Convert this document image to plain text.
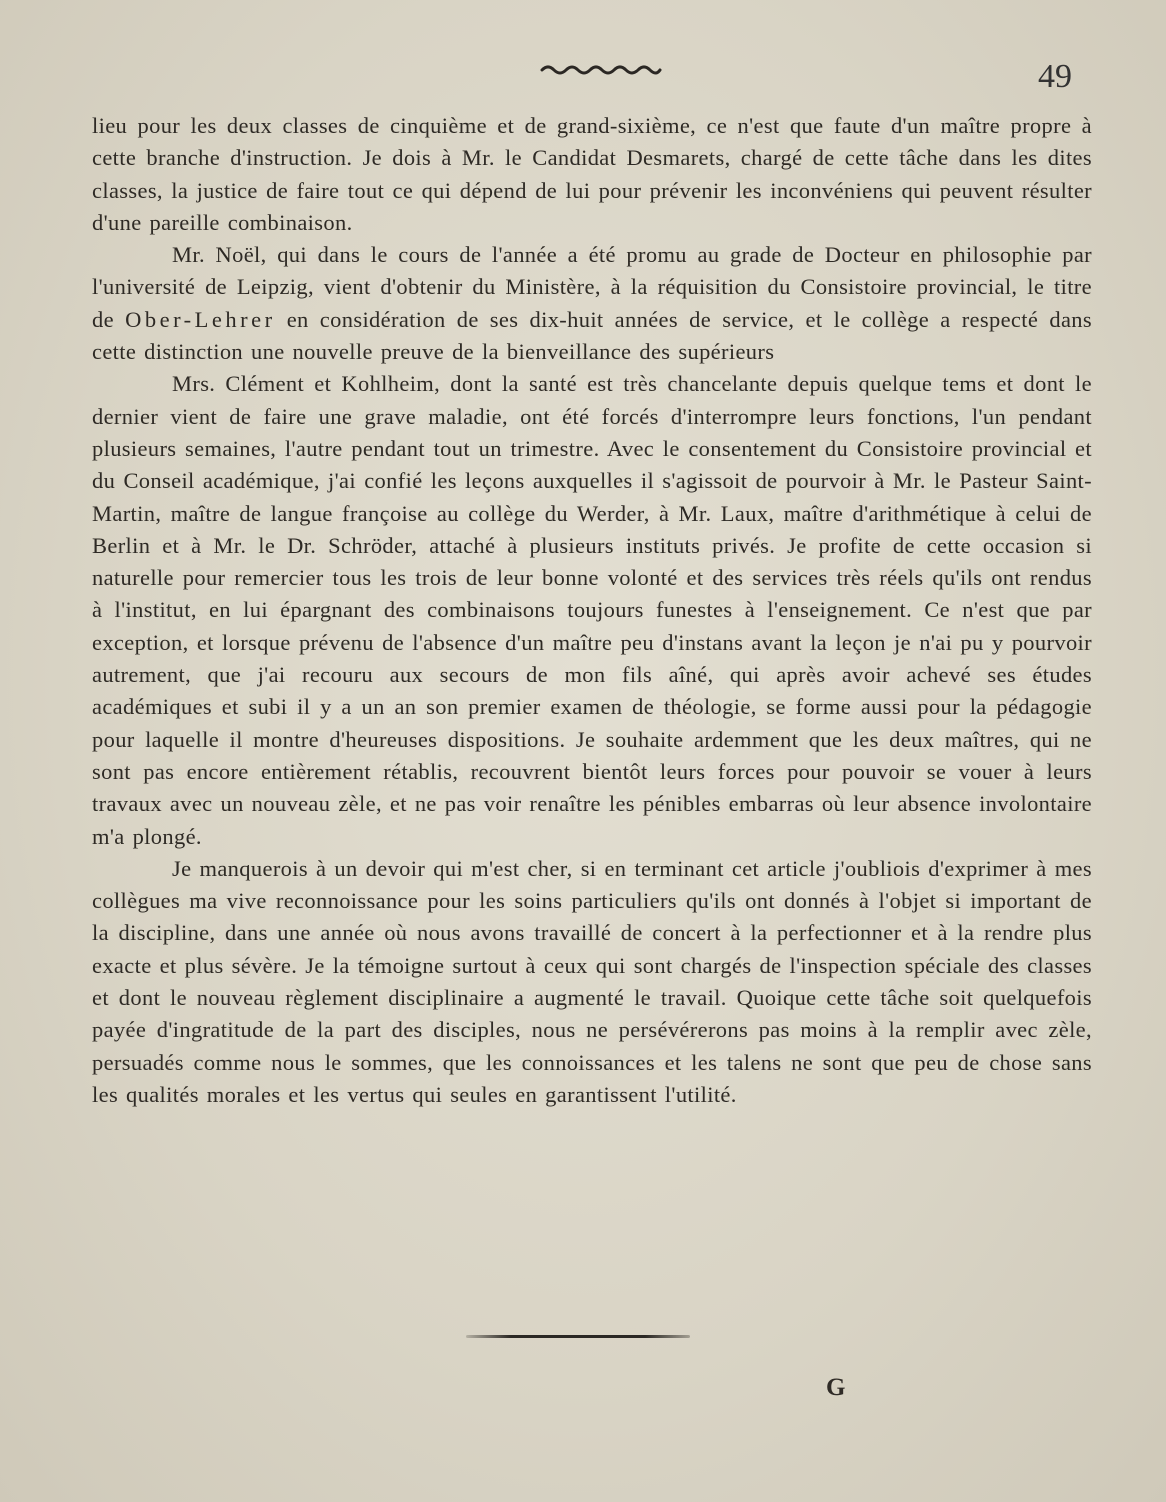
49

lieu pour les deux classes de cinquième et de grand-sixième, ce n'est que faute d'un maître propre à cette branche d'instruction. Je dois à Mr. le Candidat Desmarets, chargé de cette tâche dans les dites classes, la justice de faire tout ce qui dépend de lui pour prévenir les inconvéniens qui peuvent résulter d'une pareille combinaison.

Mr. Noël, qui dans le cours de l'année a été promu au grade de Docteur en philosophie par l'université de Leipzig, vient d'obtenir du Ministère, à la réquisition du Consistoire provincial, le titre de Ober-Lehrer en considération de ses dix-huit années de service, et le collège a respecté dans cette distinction une nouvelle preuve de la bienveillance des supérieurs

Mrs. Clément et Kohlheim, dont la santé est très chancelante depuis quelque tems et dont le dernier vient de faire une grave maladie, ont été forcés d'interrompre leurs fonctions, l'un pendant plusieurs semaines, l'autre pendant tout un trimestre. Avec le consentement du Consistoire provincial et du Conseil académique, j'ai confié les leçons auxquelles il s'agissoit de pourvoir à Mr. le Pasteur Saint-Martin, maître de langue françoise au collège du Werder, à Mr. Laux, maître d'arithmétique à celui de Berlin et à Mr. le Dr. Schröder, attaché à plusieurs instituts privés. Je profite de cette occasion si naturelle pour remercier tous les trois de leur bonne volonté et des services très réels qu'ils ont rendus à l'institut, en lui épargnant des combinaisons toujours funestes à l'enseignement. Ce n'est que par exception, et lorsque prévenu de l'absence d'un maître peu d'instans avant la leçon je n'ai pu y pourvoir autrement, que j'ai recouru aux secours de mon fils aîné, qui après avoir achevé ses études académiques et subi il y a un an son premier examen de théologie, se forme aussi pour la pédagogie pour laquelle il montre d'heureuses dispositions. Je souhaite ardemment que les deux maîtres, qui ne sont pas encore entièrement rétablis, recouvrent bientôt leurs forces pour pouvoir se vouer à leurs travaux avec un nouveau zèle, et ne pas voir renaître les pénibles embarras où leur absence involontaire m'a plongé.

Je manquerois à un devoir qui m'est cher, si en terminant cet article j'oubliois d'exprimer à mes collègues ma vive reconnoissance pour les soins particuliers qu'ils ont donnés à l'objet si important de la discipline, dans une année où nous avons travaillé de concert à la perfectionner et à la rendre plus exacte et plus sévère. Je la témoigne surtout à ceux qui sont chargés de l'inspection spéciale des classes et dont le nouveau règlement disciplinaire a augmenté le travail. Quoique cette tâche soit quelquefois payée d'ingratitude de la part des disciples, nous ne persévérerons pas moins à la remplir avec zèle, persuadés comme nous le sommes, que les connoissances et les talens ne sont que peu de chose sans les qualités morales et les vertus qui seules en garantissent l'utilité.

G
